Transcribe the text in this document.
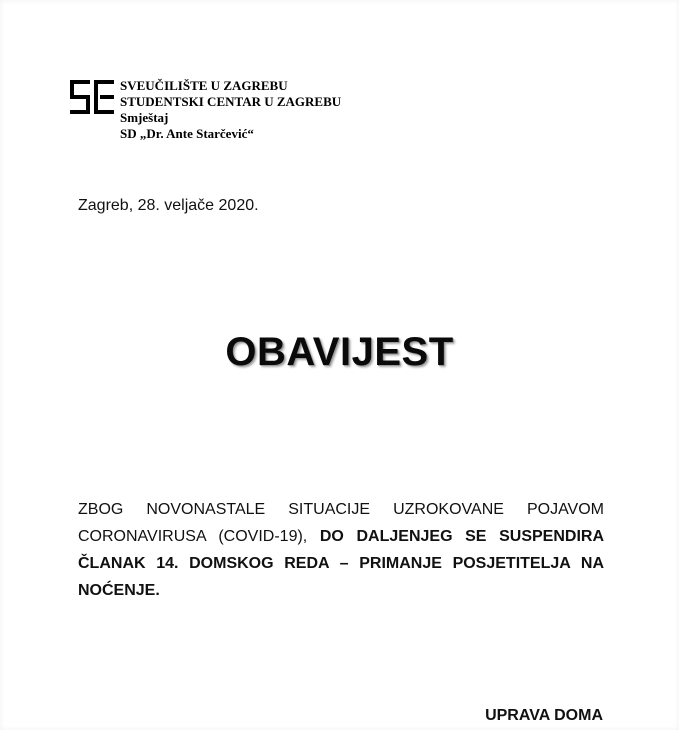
SVEUČILIŠTE U ZAGREBU
STUDENTSKI CENTAR U ZAGREBU
Smještaj
SD „Dr. Ante Starčević“
Zagreb, 28. veljače 2020.
OBAVIJEST
ZBOG NOVONASTALE SITUACIJE UZROKOVANE POJAVOM CORONAVIRUSA (COVID-19), DO DALJENJEG SE SUSPENDIRA ČLANAK 14. DOMSKOG REDA – PRIMANJE POSJETITELJA NA NOĆENJE.
UPRAVA DOMA
